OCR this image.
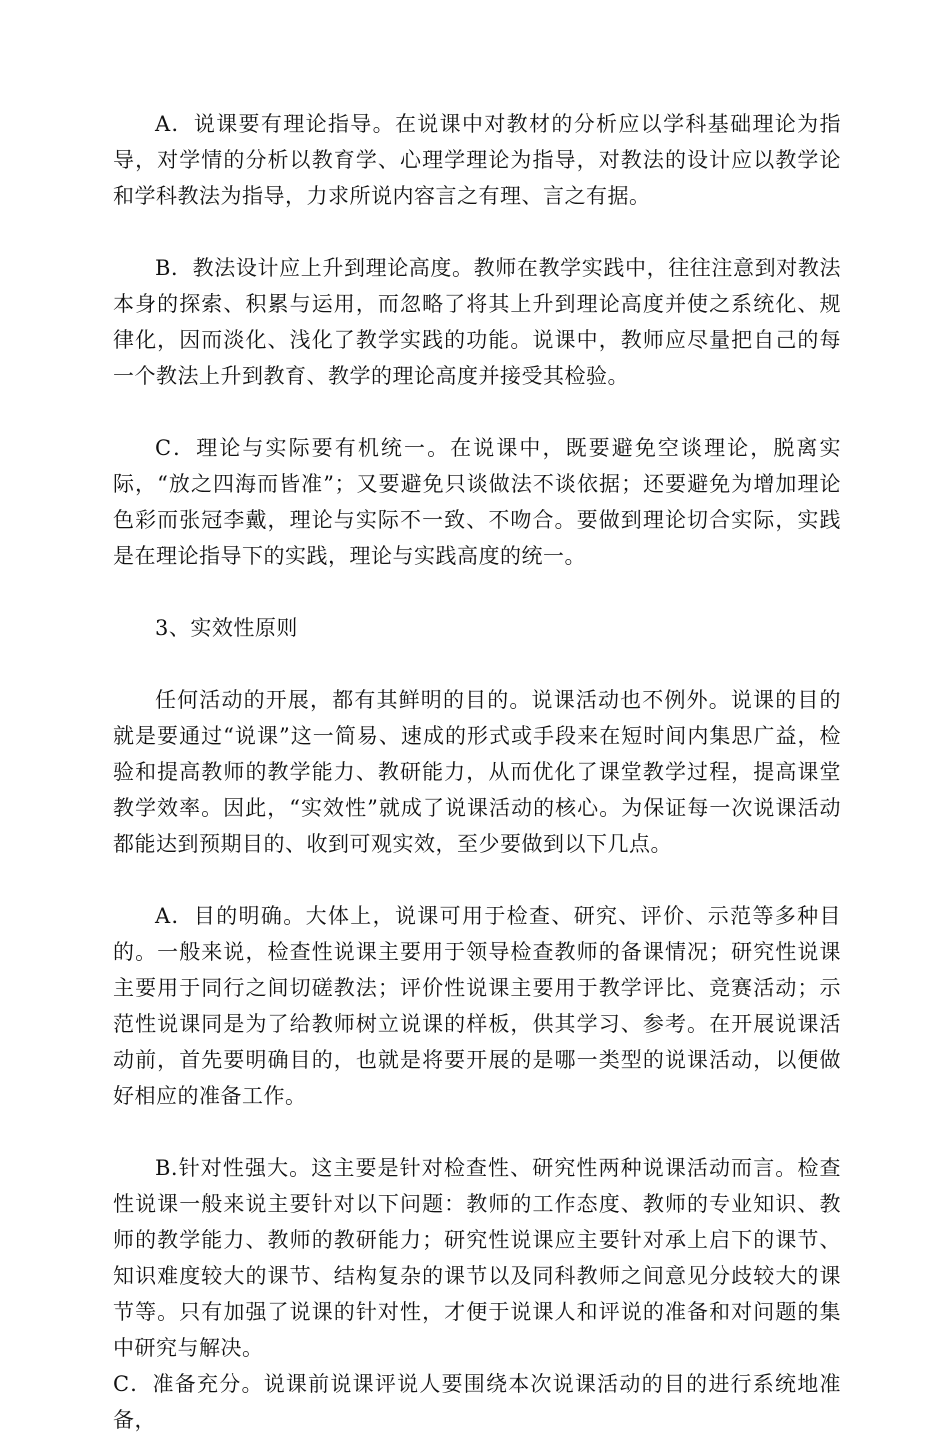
A．说课要有理论指导。在说课中对教材的分析应以学科基础理论为指导，对学情的分析以教育学、心理学理论为指导，对教法的设计应以教学论和学科教法为指导，力求所说内容言之有理、言之有据。

B．教法设计应上升到理论高度。教师在教学实践中，往往注意到对教法本身的探索、积累与运用，而忽略了将其上升到理论高度并使之系统化、规律化，因而淡化、浅化了教学实践的功能。说课中，教师应尽量把自己的每一个教法上升到教育、教学的理论高度并接受其检验。

C．理论与实际要有机统一。在说课中，既要避免空谈理论，脱离实际，“放之四海而皆准”；又要避免只谈做法不谈依据；还要避免为增加理论色彩而张冠李戴，理论与实际不一致、不吻合。要做到理论切合实际，实践是在理论指导下的实践，理论与实践高度的统一。

3、实效性原则

任何活动的开展，都有其鲜明的目的。说课活动也不例外。说课的目的就是要通过“说课”这一简易、速成的形式或手段来在短时间内集思广益，检验和提高教师的教学能力、教研能力，从而优化了课堂教学过程，提高课堂教学效率。因此，“实效性”就成了说课活动的核心。为保证每一次说课活动都能达到预期目的、收到可观实效，至少要做到以下几点。

A．目的明确。大体上，说课可用于检查、研究、评价、示范等多种目的。一般来说，检查性说课主要用于领导检查教师的备课情况；研究性说课主要用于同行之间切磋教法；评价性说课主要用于教学评比、竞赛活动；示范性说课同是为了给教师树立说课的样板，供其学习、参考。在开展说课活动前，首先要明确目的，也就是将要开展的是哪一类型的说课活动，以便做好相应的准备工作。

B.针对性强大。这主要是针对检查性、研究性两种说课活动而言。检查性说课一般来说主要针对以下问题：教师的工作态度、教师的专业知识、教师的教学能力、教师的教研能力；研究性说课应主要针对承上启下的课节、知识难度较大的课节、结构复杂的课节以及同科教师之间意见分歧较大的课节等。只有加强了说课的针对性，才便于说课人和评说的准备和对问题的集中研究与解决。

C．准备充分。说课前说课评说人要围绕本次说课活动的目的进行系统地准备，
